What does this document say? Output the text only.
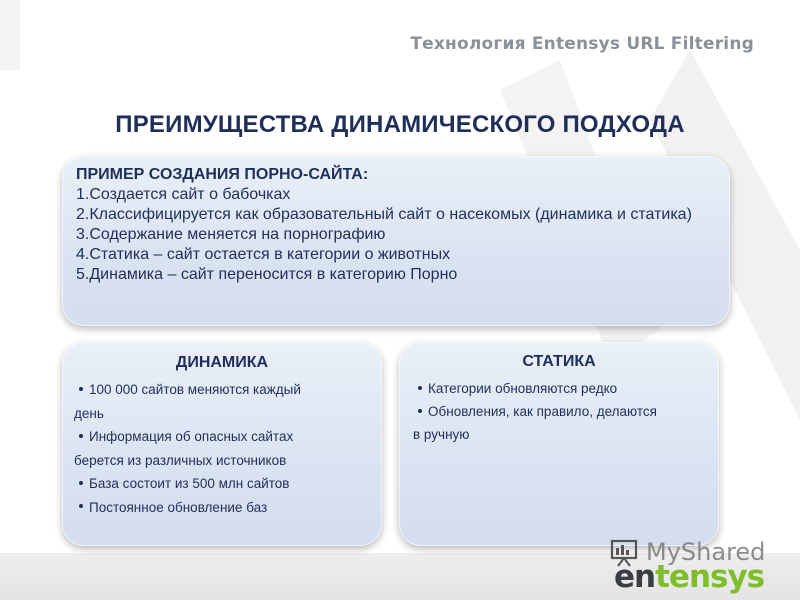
Технология Entensys URL Filtering
ПРЕИМУЩЕСТВА ДИНАМИЧЕСКОГО ПОДХОДА
ПРИМЕР СОЗДАНИЯ ПОРНО-САЙТА:
1.Создается сайт о бабочках
2.Классифицируется как образовательный сайт о насекомых (динамика и статика)
3.Содержание меняется на порнографию
4.Статика – сайт остается в категории о животных
5.Динамика – сайт переносится в категорию Порно
ДИНАМИКА
100 000 сайтов меняются каждый
день
Информация об опасных сайтах
берется из различных источников
База состоит из 500 млн сайтов
Постоянное обновление баз
СТАТИКА
Категории обновляются редко
Обновления, как правило, делаются
в ручную
MyShared
entensys
